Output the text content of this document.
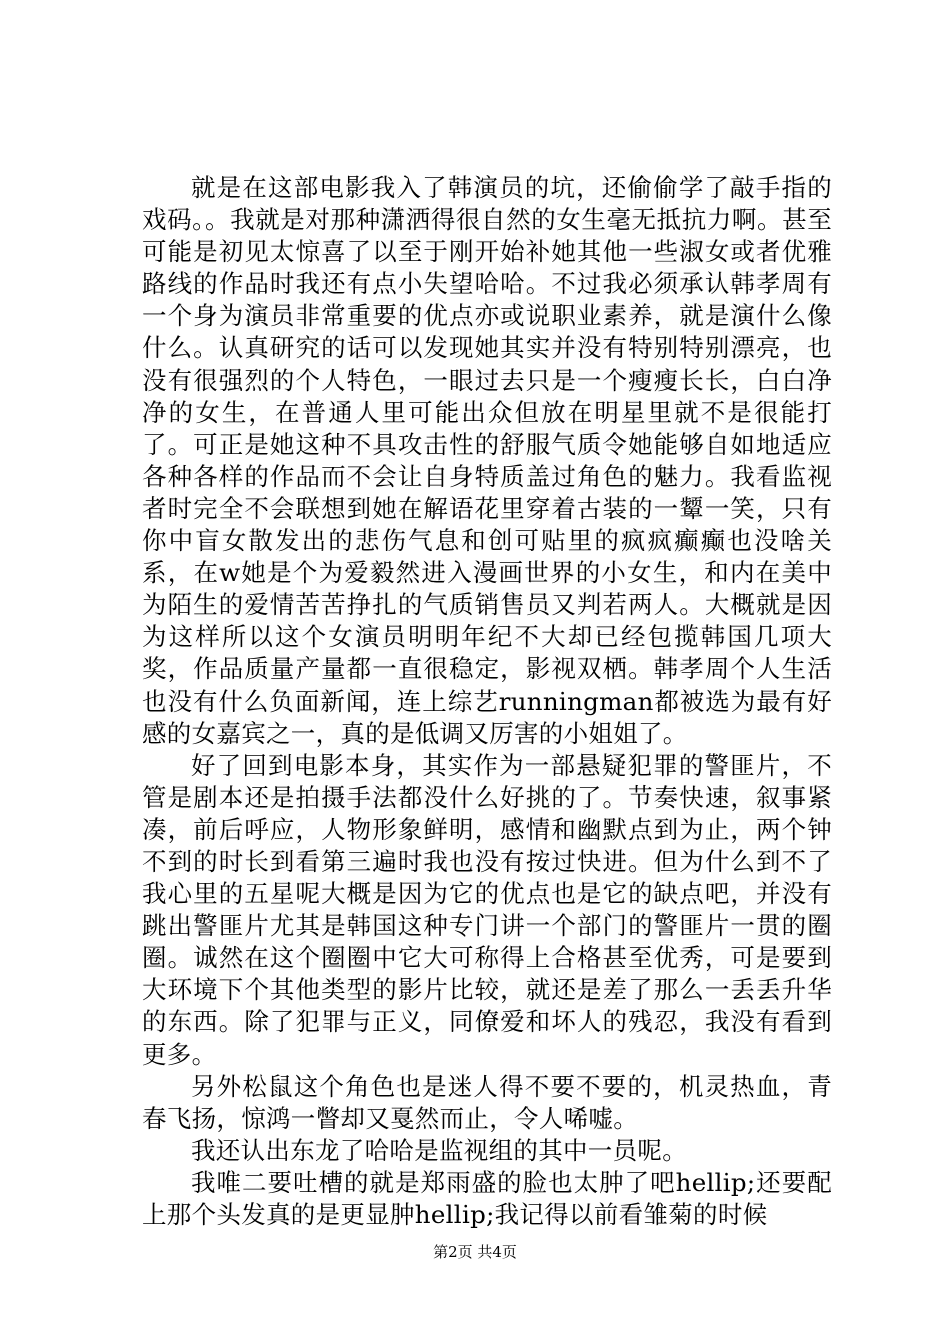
就是在这部电影我入了韩演员的坑，还偷偷学了敲手指的戏码。。我就是对那种潇洒得很自然的女生毫无抵抗力啊。甚至可能是初见太惊喜了以至于刚开始补她其他一些淑女或者优雅路线的作品时我还有点小失望哈哈。不过我必须承认韩孝周有一个身为演员非常重要的优点亦或说职业素养，就是演什么像什么。认真研究的话可以发现她其实并没有特别特别漂亮，也没有很强烈的个人特色，一眼过去只是一个瘦瘦长长，白白净净的女生，在普通人里可能出众但放在明星里就不是很能打了。可正是她这种不具攻击性的舒服气质令她能够自如地适应各种各样的作品而不会让自身特质盖过角色的魅力。我看监视者时完全不会联想到她在解语花里穿着古装的一颦一笑，只有你中盲女散发出的悲伤气息和创可贴里的疯疯癫癫也没啥关系，在w她是个为爱毅然进入漫画世界的小女生，和内在美中为陌生的爱情苦苦挣扎的气质销售员又判若两人。大概就是因为这样所以这个女演员明明年纪不大却已经包揽韩国几项大奖，作品质量产量都一直很稳定，影视双栖。韩孝周个人生活也没有什么负面新闻，连上综艺runningman都被选为最有好感的女嘉宾之一，真的是低调又厉害的小姐姐了。

好了回到电影本身，其实作为一部悬疑犯罪的警匪片，不管是剧本还是拍摄手法都没什么好挑的了。节奏快速，叙事紧凑，前后呼应，人物形象鲜明，感情和幽默点到为止，两个钟不到的时长到看第三遍时我也没有按过快进。但为什么到不了我心里的五星呢大概是因为它的优点也是它的缺点吧，并没有跳出警匪片尤其是韩国这种专门讲一个部门的警匪片一贯的圈圈。诚然在这个圈圈中它大可称得上合格甚至优秀，可是要到大环境下个其他类型的影片比较，就还是差了那么一丢丢升华的东西。除了犯罪与正义，同僚爱和坏人的残忍，我没有看到更多。

另外松鼠这个角色也是迷人得不要不要的，机灵热血，青春飞扬，惊鸿一瞥却又戛然而止，令人唏嘘。

我还认出东龙了哈哈是监视组的其中一员呢。

我唯二要吐槽的就是郑雨盛的脸也太肿了吧hellip;还要配上那个头发真的是更显肿hellip;我记得以前看雏菊的时候

第2页 共4页
